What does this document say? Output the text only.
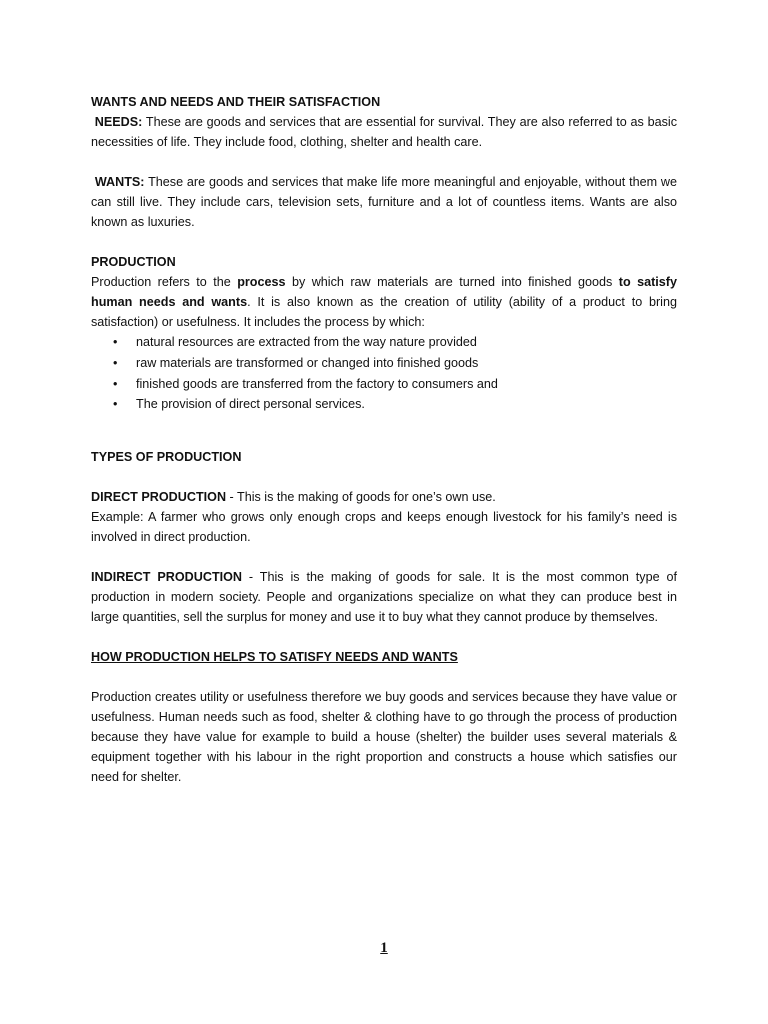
WANTS AND NEEDS AND THEIR SATISFACTION

NEEDS: These are goods and services that are essential for survival. They are also referred to as basic necessities of life. They include food, clothing, shelter and health care.

WANTS: These are goods and services that make life more meaningful and enjoyable, without them we can still live. They include cars, television sets, furniture and a lot of countless items. Wants are also known as luxuries.

PRODUCTION

Production refers to the process by which raw materials are turned into finished goods to satisfy human needs and wants. It is also known as the creation of utility (ability of a product to bring satisfaction) or usefulness. It includes the process by which:

• natural resources are extracted from the way nature provided
• raw materials are transformed or changed into finished goods
• finished goods are transferred from the factory to consumers and
• The provision of direct personal services.

TYPES OF PRODUCTION

DIRECT PRODUCTION - This is the making of goods for one’s own use.

Example: A farmer who grows only enough crops and keeps enough livestock for his family’s need is involved in direct production.

INDIRECT PRODUCTION - This is the making of goods for sale. It is the most common type of production in modern society. People and organizations specialize on what they can produce best in large quantities, sell the surplus for money and use it to buy what they cannot produce by themselves.

HOW PRODUCTION HELPS TO SATISFY NEEDS AND WANTS

Production creates utility or usefulness therefore we buy goods and services because they have value or usefulness. Human needs such as food, shelter & clothing have to go through the process of production because they have value for example to build a house (shelter) the builder uses several materials & equipment together with his labour in the right proportion and constructs a house which satisfies our need for shelter.

1
